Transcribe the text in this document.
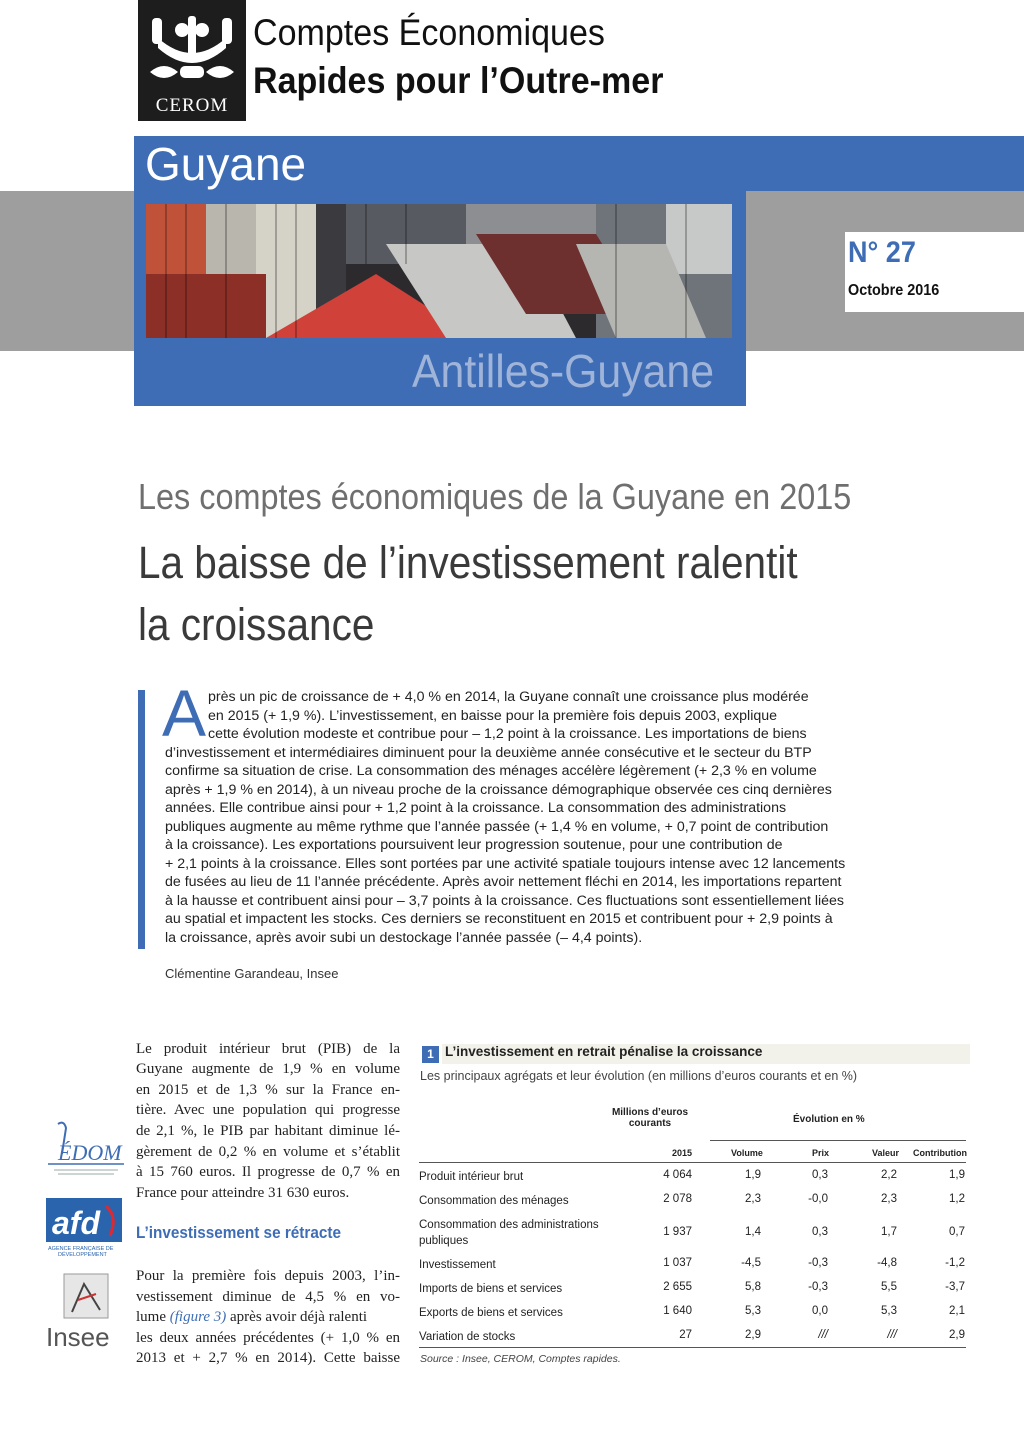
CEROM
Comptes Économiques
Rapides pour l’Outre-mer
Guyane
Antilles-Guyane
N° 27
Octobre 2016
Les comptes économiques de la Guyane en 2015
La baisse de l’investissement ralentit
la croissance
A près un pic de croissance de + 4,0 % en 2014, la Guyane connaît une croissance plus modérée
en 2015 (+ 1,9 %). L’investissement, en baisse pour la première fois depuis 2003, explique
cette évolution modeste et contribue pour – 1,2 point à la croissance. Les importations de biens
d’investissement et intermédiaires diminuent pour la deuxième année consécutive et le secteur du BTP
confirme sa situation de crise. La consommation des ménages accélère légèrement (+ 2,3 % en volume
après + 1,9 % en 2014), à un niveau proche de la croissance démographique observée ces cinq dernières
années. Elle contribue ainsi pour + 1,2 point à la croissance. La consommation des administrations
publiques augmente au même rythme que l’année passée (+ 1,4 % en volume, + 0,7 point de contribution
à la croissance). Les exportations poursuivent leur progression soutenue, pour une contribution de
+ 2,1 points à la croissance. Elles sont portées par une activité spatiale toujours intense avec 12 lancements
de fusées au lieu de 11 l’année précédente. Après avoir nettement fléchi en 2014, les importations repartent
à la hausse et contribuent ainsi pour – 3,7 points à la croissance. Ces fluctuations sont essentiellement liées
au spatial et impactent les stocks. Ces derniers se reconstituent en 2015 et contribuent pour + 2,9 points à
la croissance, après avoir subi un destockage l’année passée (– 4,4 points).
Clémentine Garandeau, Insee
Le produit intérieur brut (PIB) de la
Guyane augmente de 1,9 % en volume
en 2015 et de 1,3 % sur la France en-
tière. Avec une population qui progresse
de 2,1 %, le PIB par habitant diminue lé-
gèrement de 0,2 % en volume et s’établit
à 15 760 euros. Il progresse de 0,7 % en
France pour atteindre 31 630 euros.
L’investissement se rétracte
Pour la première fois depuis 2003, l’in-
vestissement diminue de 4,5 % en vo-
lume (figure 3) après avoir déjà ralenti
les deux années précédentes (+ 1,0 % en
2013 et + 2,7 % en 2014). Cette baisse
ÉDOM
afd
AGENCE FRANÇAISE DE
DÉVELOPPEMENT
Insee
1 L’investissement en retrait pénalise la croissance
Les principaux agrégats et leur évolution (en millions d’euros courants et en %)
Millions d’euros
courants	Évolution en %
2015	Volume	Prix	Valeur Contribution
Produit intérieur brut	4 064	1,9	0,3	2,2	1,9
Consommation des ménages	2 078	2,3	-0,0	2,3	1,2
Consommation des administrations
publiques
1 937	1,4	0,3	1,7	0,7
Investissement	1 037	-4,5	-0,3	-4,8	-1,2
Imports de biens et services	2 655	5,8	-0,3	5,5	-3,7
Exports de biens et services	1 640	5,3	0,0	5,3	2,1
Variation de stocks	27	2,9	///	///	2,9
Source : Insee, CEROM, Comptes rapides.
